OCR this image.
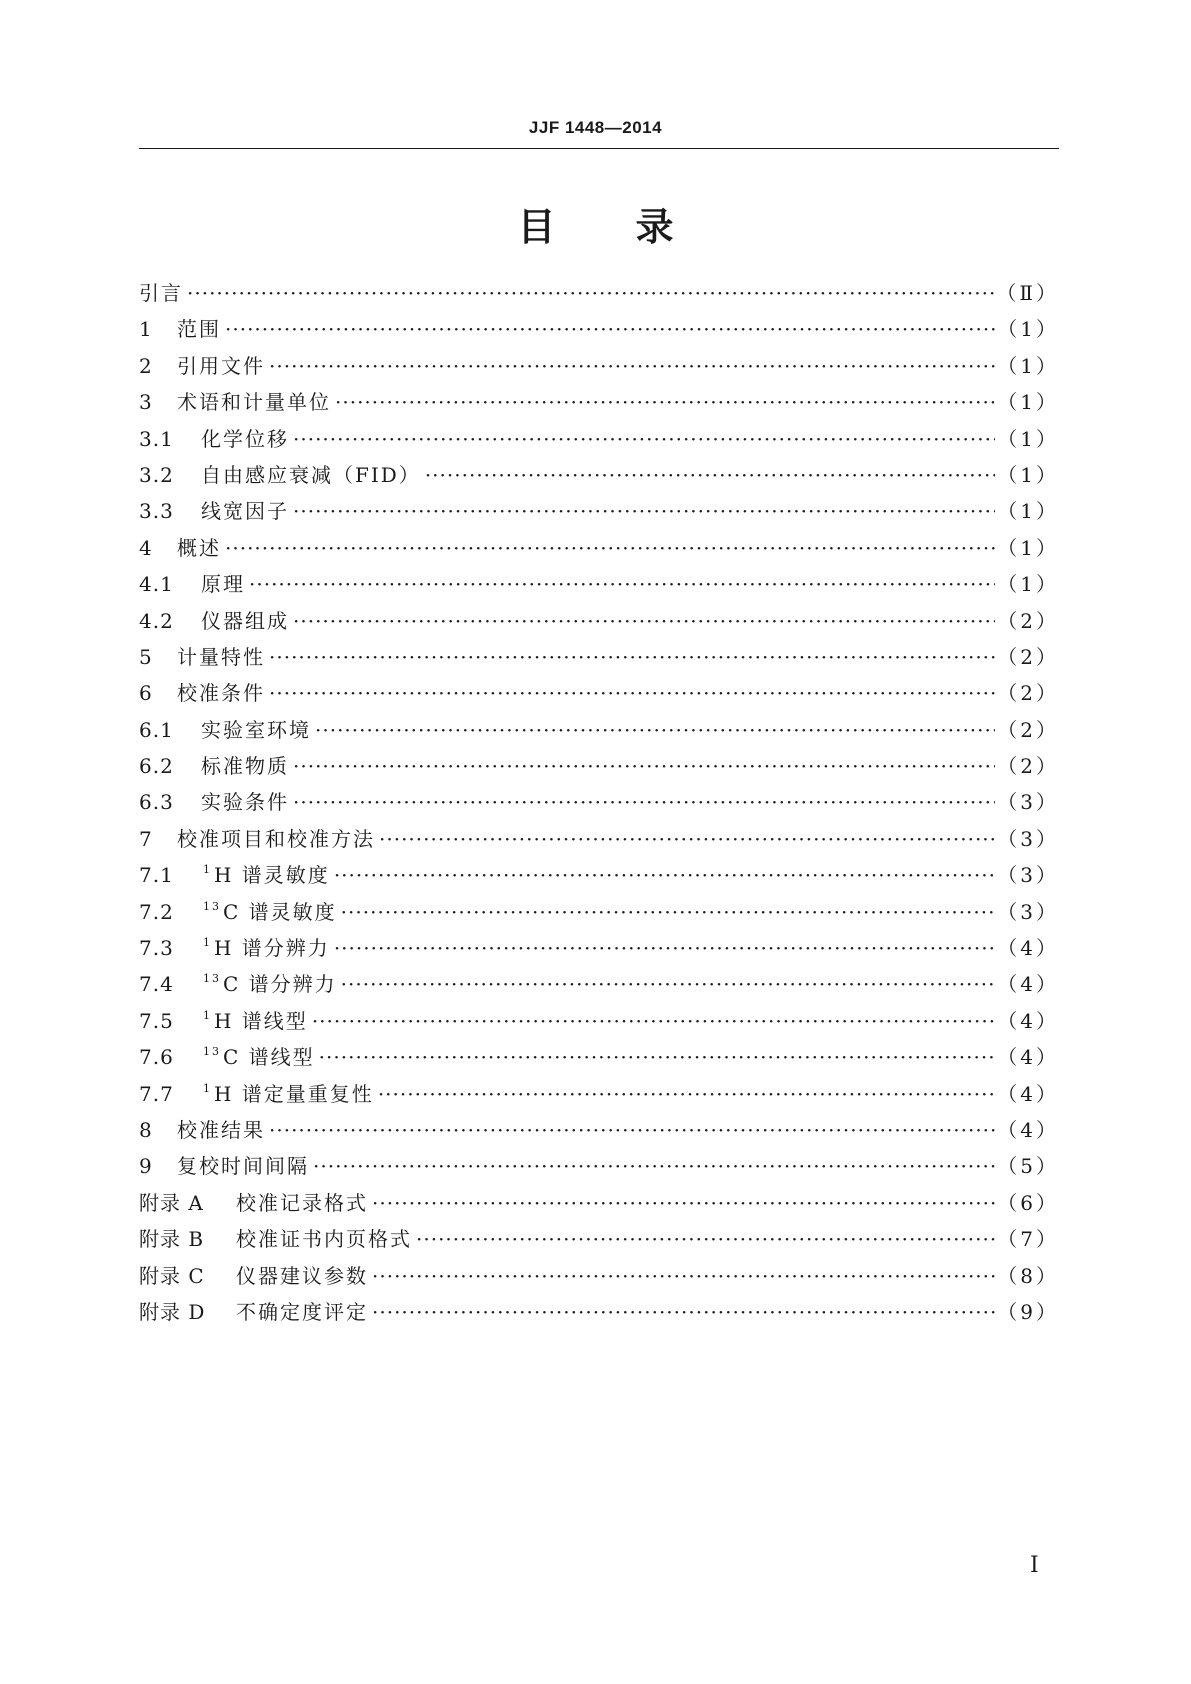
JJF 1448—2014
目 录
引言 ·····	（Ⅱ）
1	范围 ·····	（1）
2	引用文件 ·····	（1）
3	术语和计量单位 ·····	（1）
3.1	化学位移 ·····	（1）
3.2	自由感应衰减（FID） ·····	（1）
3.3	线宽因子 ·····	（1）
4	概述 ·····	（1）
4.1	原理 ·····	（1）
4.2	仪器组成 ·····	（2）
5	计量特性 ·····	（2）
6	校准条件 ·····	（2）
6.1	实验室环境 ·····	（2）
6.2	标准物质 ·····	（2）
6.3	实验条件 ·····	（3）
7	校准项目和校准方法 ·····	（3）
7.1	$^1$ H 谱灵敏度 ·····	（3）
7.2	$^{13}$ C 谱灵敏度 ·····	（3）
7.3	$^1$ H 谱分辨力 ·····	（4）
7.4	$^{13}$ C 谱分辨力 ·····	（4）
7.5	$^1$ H 谱线型 ·····	（4）
7.6	$^{13}$ C 谱线型 ·····	（4）
7.7	$^1$ H 谱定量重复性 ·····	（4）
8	校准结果 ·····	（4）
9	复校时间间隔 ·····	（5）
附录 A	校准记录格式 ·····	（6）
附录 B	校准证书内页格式 ·····	（7）
附录 C	仪器建议参数 ·····	（8）
附录 D	不确定度评定 ·····	（9）
Ⅰ
